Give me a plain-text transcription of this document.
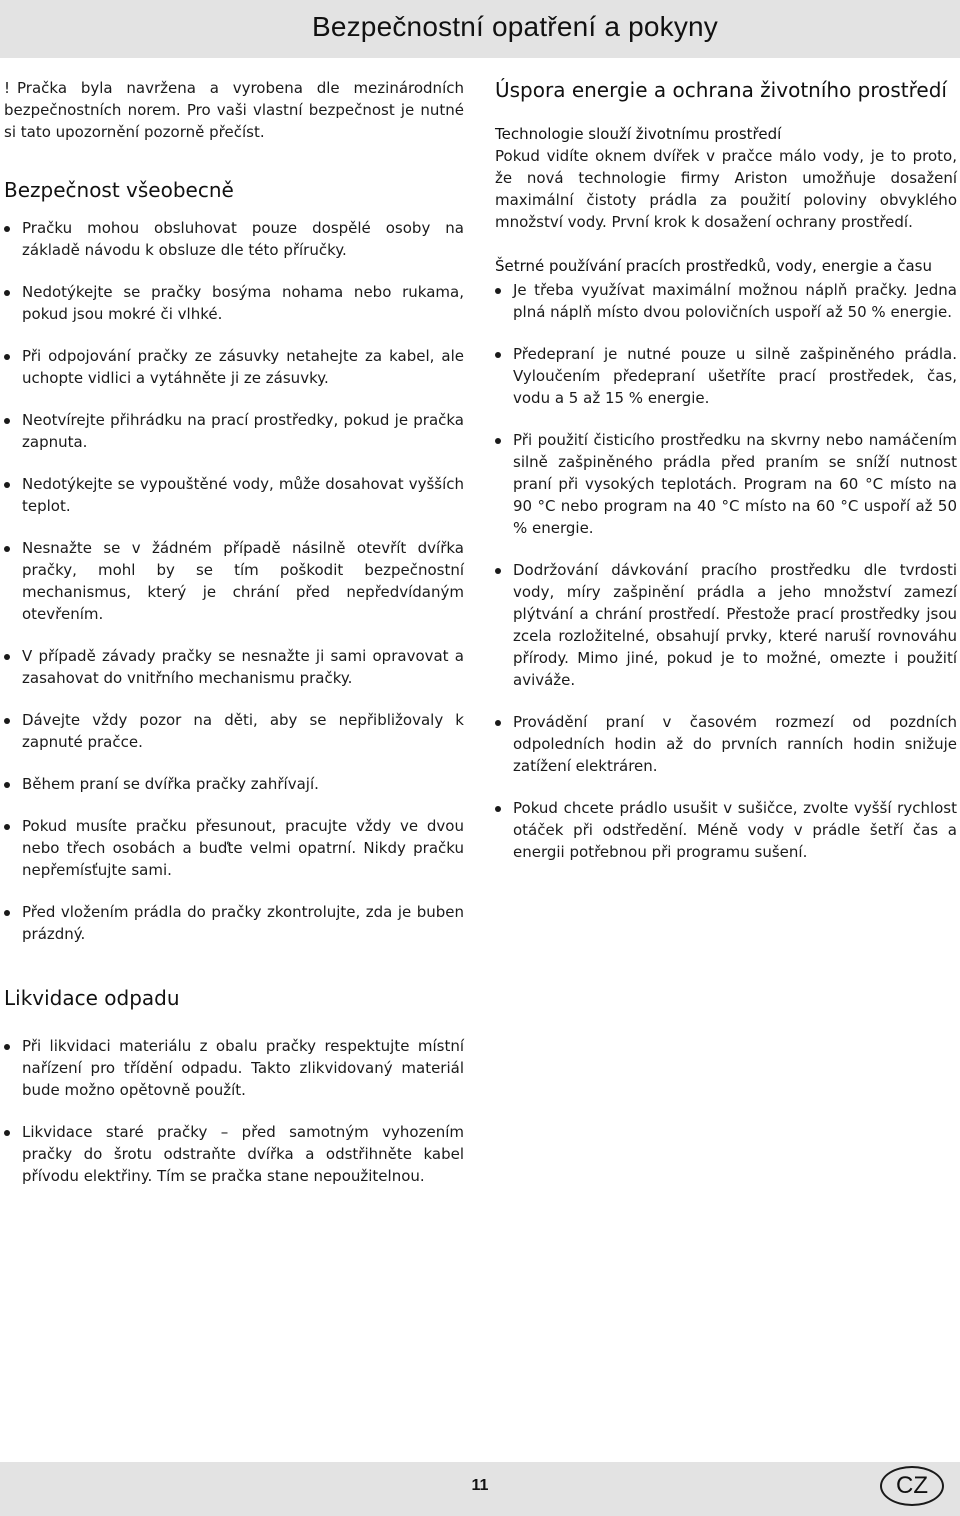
Bezpečnostní opatření a pokyny

! Pračka byla navržena a vyrobena dle mezinárodních bezpečnostních norem. Pro vaši vlastní bezpečnost je nutné si tato upozornění pozorně přečíst.

Bezpečnost všeobecně
Pračku mohou obsluhovat pouze dospělé osoby na základě návodu k obsluze dle této příručky.
Nedotýkejte se pračky bosýma nohama nebo rukama, pokud jsou mokré či vlhké.
Při odpojování pračky ze zásuvky netahejte za kabel, ale uchopte vidlici a vytáhněte ji ze zásuvky.
Neotvírejte přihrádku na prací prostředky, pokud je pračka zapnuta.
Nedotýkejte se vypouštěné vody, může dosahovat vyšších teplot.
Nesnažte se v žádném případě násilně otevřít dvířka pračky, mohl by se tím poškodit bezpečnostní mechanismus, který je chrání před nepředvídaným otevřením.
V případě závady pračky se nesnažte ji sami opravovat a zasahovat do vnitřního mechanismu pračky.
Dávejte vždy pozor na děti, aby se nepřibližovaly k zapnuté pračce.
Během praní se dvířka pračky zahřívají.
Pokud musíte pračku přesunout, pracujte vždy ve dvou nebo třech osobách a buďte velmi opatrní. Nikdy pračku nepřemísťujte sami.
Před vložením prádla do pračky zkontrolujte, zda je buben prázdný.
Likvidace odpadu
Při likvidaci materiálu z obalu pračky respektujte místní nařízení pro třídění odpadu. Takto zlikvidovaný materiál bude možno opětovně použít.
Likvidace staré pračky – před samotným vyhozením pračky do šrotu odstraňte dvířka a odstřihněte kabel přívodu elektřiny. Tím se pračka stane nepoužitelnou.
Úspora energie a ochrana životního prostředí
Technologie slouží životnímu prostředí

Pokud vidíte oknem dvířek v pračce málo vody, je to proto, že nová technologie firmy Ariston umožňuje dosažení maximální čistoty prádla za použití poloviny obvyklého množství vody. První krok k dosažení ochrany prostředí.

Šetrné používání pracích prostředků, vody, energie a času
Je třeba využívat maximální možnou náplň pračky. Jedna plná náplň místo dvou polovičních uspoří až 50 % energie.
Předepraní je nutné pouze u silně zašpiněného prádla. Vyloučením předepraní ušetříte prací prostředek, čas, vodu a 5 až 15 % energie.
Při použití čisticího prostředku na skvrny nebo namáčením silně zašpiněného prádla před praním se sníží nutnost praní při vysokých teplotách. Program na 60 °C místo na 90 °C nebo program na 40 °C místo na 60 °C uspoří až 50 % energie.
Dodržování dávkování pracího prostředku dle tvrdosti vody, míry zašpinění prádla a jeho množství zamezí plýtvání a chrání prostředí. Přestože prací prostředky jsou zcela rozložitelné, obsahují prvky, které naruší rovnováhu přírody. Mimo jiné, pokud je to možné, omezte i použití aviváže.
Provádění praní v časovém rozmezí od pozdních odpoledních hodin až do prvních ranních hodin snižuje zatížení elektráren.
Pokud chcete prádlo usušit v sušičce, zvolte vyšší rychlost otáček při odstředění. Méně vody v prádle šetří čas a energii potřebnou při programu sušení.
11	CZ
